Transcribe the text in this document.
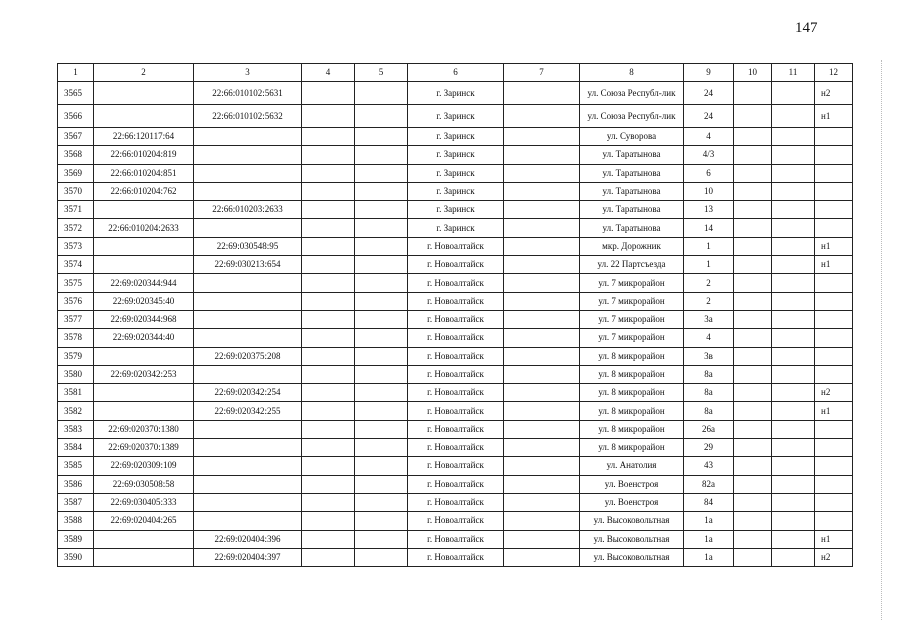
147
1	2	3	4	5	6	7	8	9	10	11	12
3565		22:66:010102:5631			г. Заринск		ул. Союза Республ-лик	24			н2
3566		22:66:010102:5632			г. Заринск		ул. Союза Республ-лик	24			н1
3567	22:66:120117:64				г. Заринск		ул. Суворова	4			
3568	22:66:010204:819				г. Заринск		ул. Таратынова	4/3			
3569	22:66:010204:851				г. Заринск		ул. Таратынова	6			
3570	22:66:010204:762				г. Заринск		ул. Таратынова	10			
3571		22:66:010203:2633			г. Заринск		ул. Таратынова	13			
3572	22:66:010204:2633				г. Заринск		ул. Таратынова	14			
3573		22:69:030548:95			г. Новоалтайск		мкр. Дорожник	1			н1
3574		22:69:030213:654			г. Новоалтайск		ул. 22 Партсъезда	1			н1
3575	22:69:020344:944				г. Новоалтайск		ул. 7 микрорайон	2			
3576	22:69:020345:40				г. Новоалтайск		ул. 7 микрорайон	2			
3577	22:69:020344:968				г. Новоалтайск		ул. 7 микрорайон	3а			
3578	22:69:020344:40				г. Новоалтайск		ул. 7 микрорайон	4			
3579		22:69:020375:208			г. Новоалтайск		ул. 8 микрорайон	3в			
3580	22:69:020342:253				г. Новоалтайск		ул. 8 микрорайон	8а			
3581		22:69:020342:254			г. Новоалтайск		ул. 8 микрорайон	8а			н2
3582		22:69:020342:255			г. Новоалтайск		ул. 8 микрорайон	8а			н1
3583	22:69:020370:1380				г. Новоалтайск		ул. 8 микрорайон	26а			
3584	22:69:020370:1389				г. Новоалтайск		ул. 8 микрорайон	29			
3585	22:69:020309:109				г. Новоалтайск		ул. Анатолия	43			
3586	22:69:030508:58				г. Новоалтайск		ул. Военстроя	82а			
3587	22:69:030405:333				г. Новоалтайск		ул. Военстроя	84			
3588	22:69:020404:265				г. Новоалтайск		ул. Высоковольтная	1а			
3589		22:69:020404:396			г. Новоалтайск		ул. Высоковольтная	1а			н1
3590		22:69:020404:397			г. Новоалтайск		ул. Высоковольтная	1а			н2
